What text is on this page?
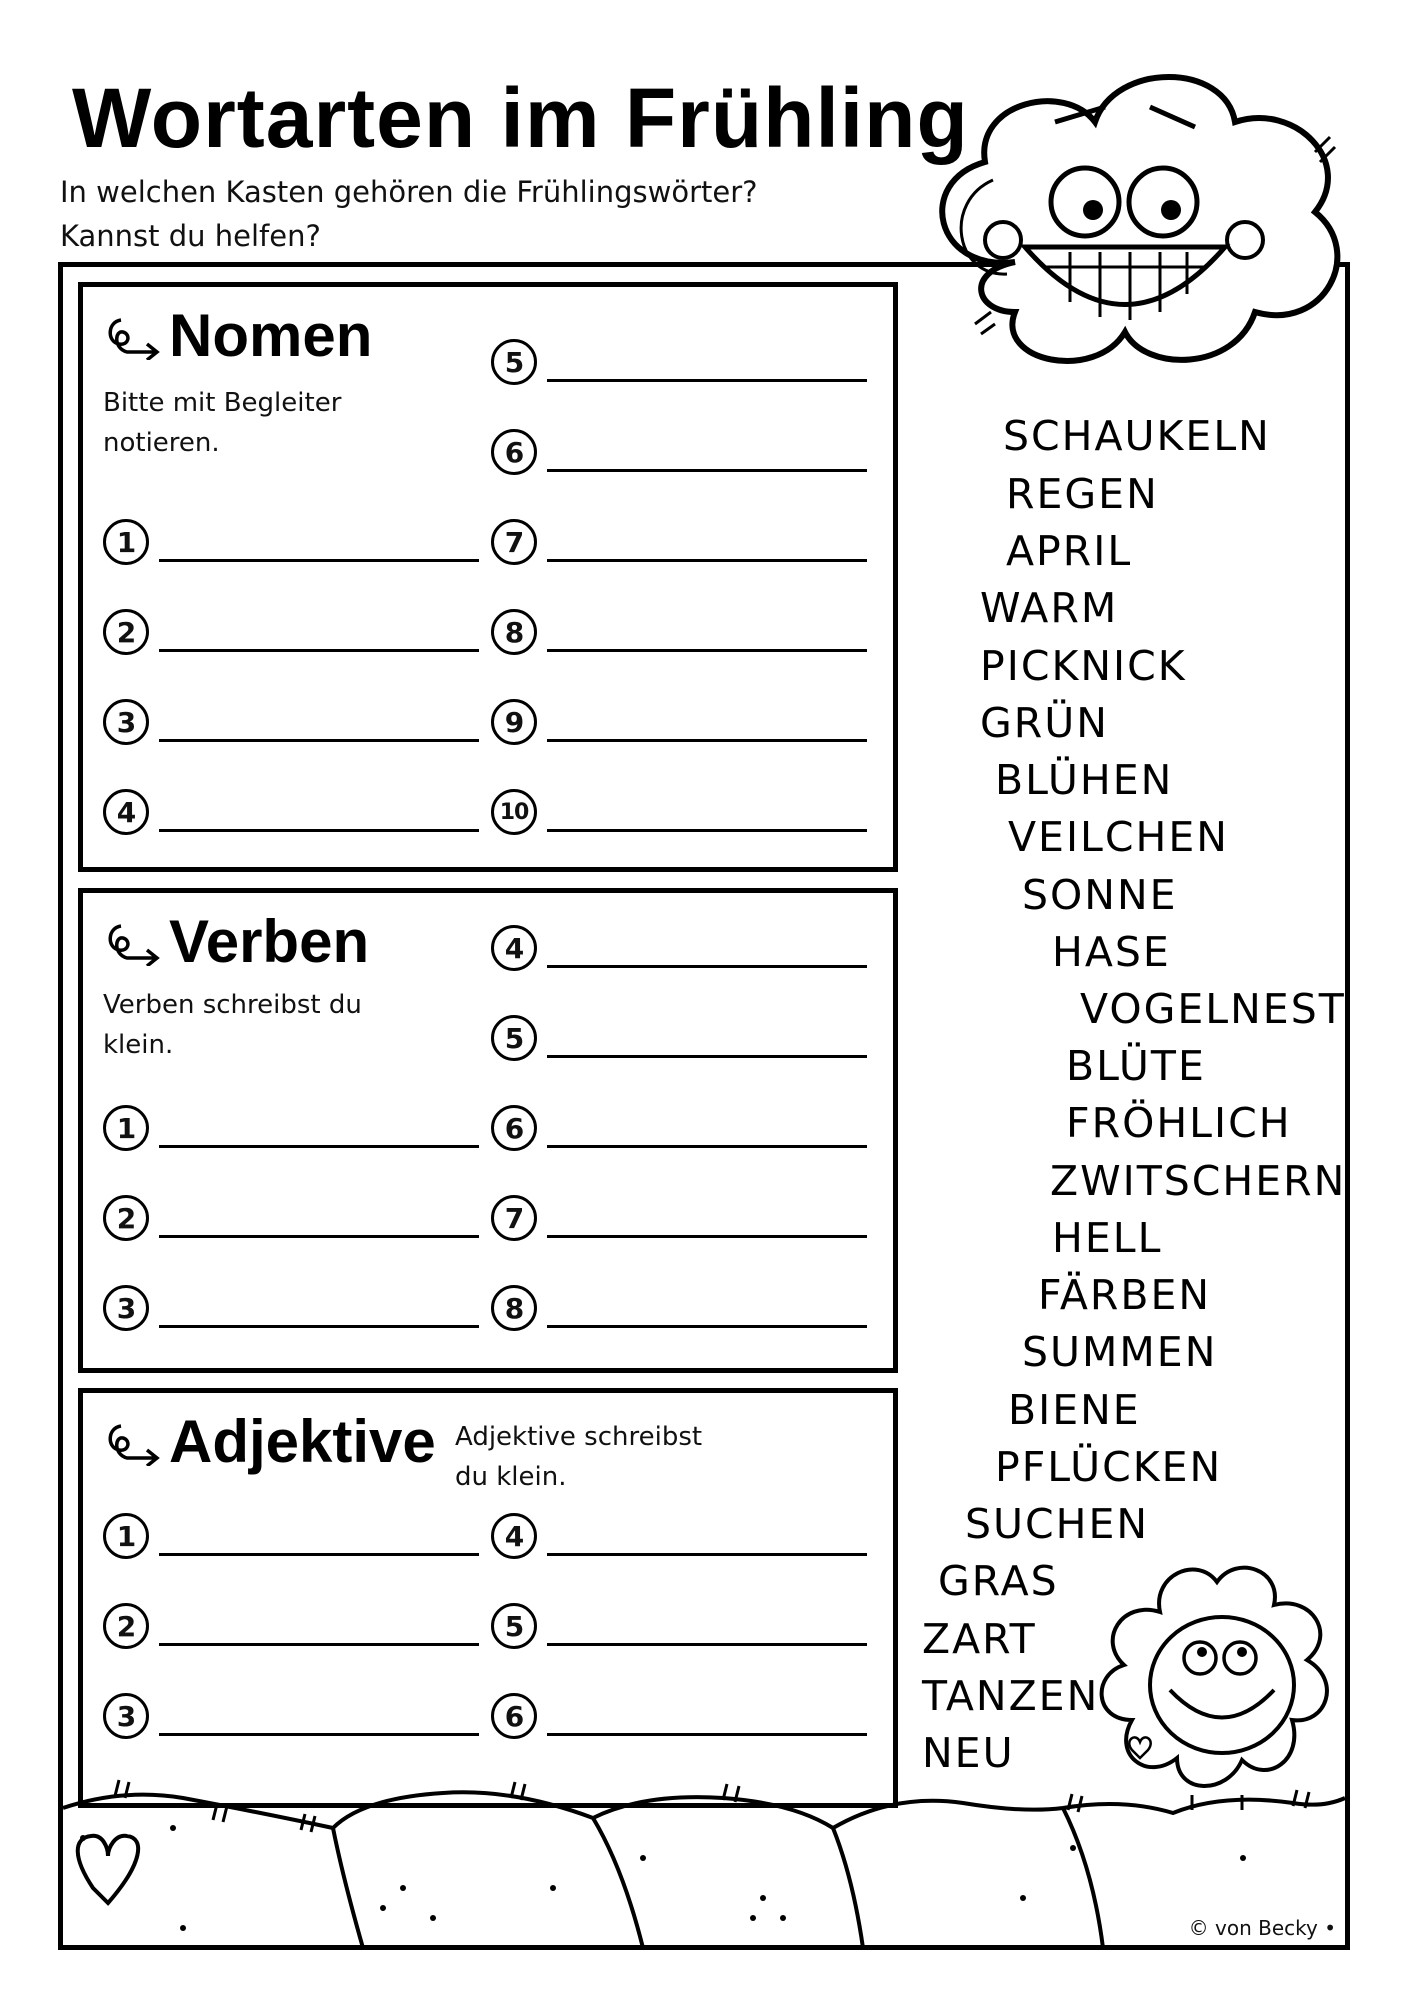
Wortarten im Frühling
In welchen Kasten gehören die Frühlingswörter?
Kannst du helfen?
Nomen
Bitte mit Begleiter
notieren.
1
2
3
4
5
6
7
8
9
10
Verben
Verben schreibst du
klein.
1
2
3
4
5
6
7
8
Adjektive Adjektive schreibst
du klein.
1
2
3
4
5
6
SCHAUKELN
REGEN
APRIL
WARM
PICKNICK
GRÜN
BLÜHEN
VEILCHEN
SONNE
HASE
VOGELNEST
BLÜTE
FRÖHLICH
ZWITSCHERN
HELL
FÄRBEN
SUMMEN
BIENE
PFLÜCKEN
SUCHEN
GRAS
ZART
TANZEN
NEU
© von Becky •
